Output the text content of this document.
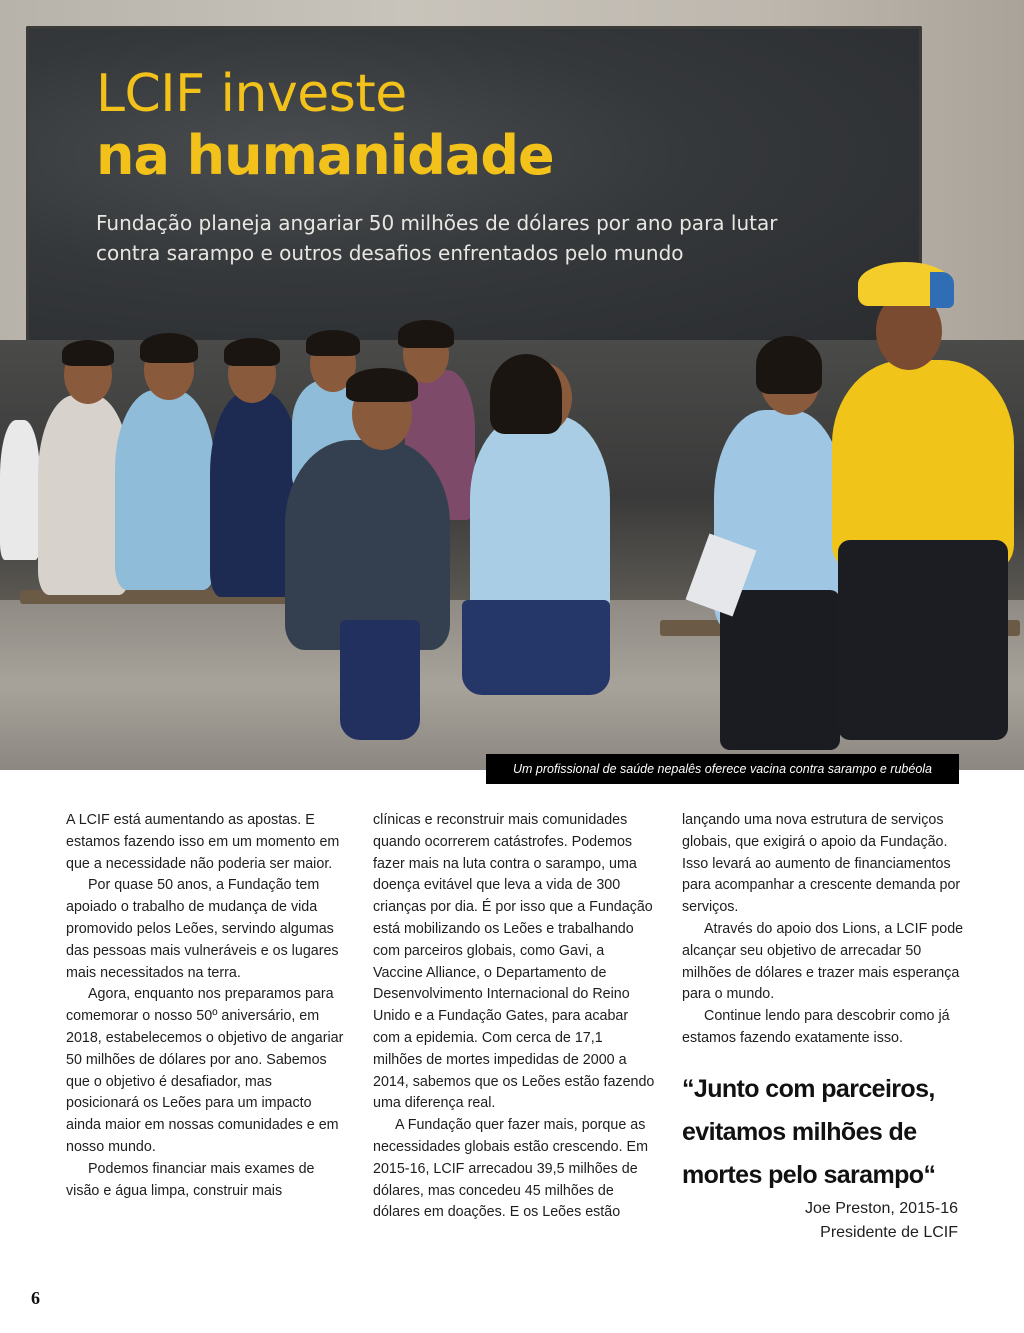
LCIF investe
na humanidade
Fundação planeja angariar 50 milhões de dólares por ano para lutar contra sarampo e outros desafios enfrentados pelo mundo
Um profissional de saúde nepalês oferece vacina contra sarampo e rubéola

A LCIF está aumentando as apostas. E estamos fazendo isso em um momento em que a necessidade não poderia ser maior.

Por quase 50 anos, a Fundação tem apoiado o trabalho de mudança de vida promovido pelos Leões, servindo algumas das pessoas mais vulneráveis e os lugares mais necessitados na terra.

Agora, enquanto nos preparamos para comemorar o nosso 50º aniversário, em 2018, estabelecemos o objetivo de angariar 50 milhões de dólares por ano. Sabemos que o objetivo é desafiador, mas posicionará os Leões para um impacto ainda maior em nossas comunidades e em nosso mundo.

Podemos financiar mais exames de visão e água limpa, construir mais

clínicas e reconstruir mais comunidades quando ocorrerem catástrofes. Podemos fazer mais na luta contra o sarampo, uma doença evitável que leva a vida de 300 crianças por dia. É por isso que a Fundação está mobilizando os Leões e trabalhando com parceiros globais, como Gavi, a Vaccine Alliance, o Departamento de Desenvolvimento Internacional do Reino Unido e a Fundação Gates, para acabar com a epidemia. Com cerca de 17,1 milhões de mortes impedidas de 2000 a 2014, sabemos que os Leões estão fazendo uma diferença real.

A Fundação quer fazer mais, porque as necessidades globais estão crescendo. Em 2015-16, LCIF arrecadou 39,5 milhões de dólares, mas concedeu 45 milhões de dólares em doações. E os Leões estão

lançando uma nova estrutura de serviços globais, que exigirá o apoio da Fundação. Isso levará ao aumento de financiamentos para acompanhar a crescente demanda por serviços.

Através do apoio dos Lions, a LCIF pode alcançar seu objetivo de arrecadar 50 milhões de dólares e trazer mais esperança para o mundo.

Continue lendo para descobrir como já estamos fazendo exatamente isso.

“Junto com parceiros, evitamos milhões de mortes pelo sarampo“
Joe Preston, 2015-16
Presidente de LCIF
6
